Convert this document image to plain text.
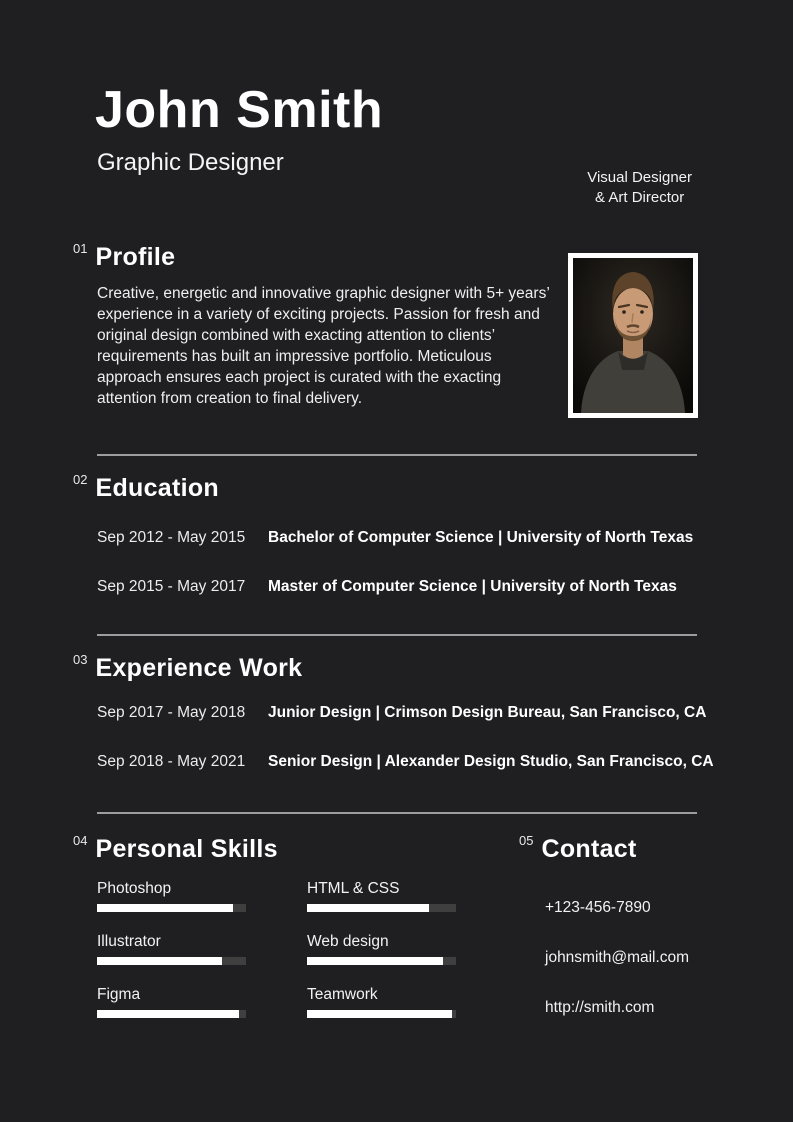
John Smith
Graphic Designer
Visual Designer
& Art Director
$^{01}$ Profile

Creative, energetic and innovative graphic designer with 5+ years’ experience in a variety of exciting projects. Passion for fresh and original design combined with exacting attention to clients’ requirements has built an impressive portfolio. Meticulous approach ensures each project is curated with the exacting attention from creation to final delivery.

$^{02}$ Education
Sep 2012 - May 2015 Bachelor of Computer Science | University of North Texas
Sep 2015 - May 2017 Master of Computer Science | University of North Texas
$^{03}$ Experience Work
Sep 2017 - May 2018 Junior Design | Crimson Design Bureau, San Francisco, CA
Sep 2018 - May 2021 Senior Design | Alexander Design Studio, San Francisco, CA
$^{04}$ Personal Skills
Photoshop
Illustrator
Figma
HTML & CSS
Web design
Teamwork
$^{05}$ Contact
+123-456-7890
johnsmith@mail.com
http://smith.com
